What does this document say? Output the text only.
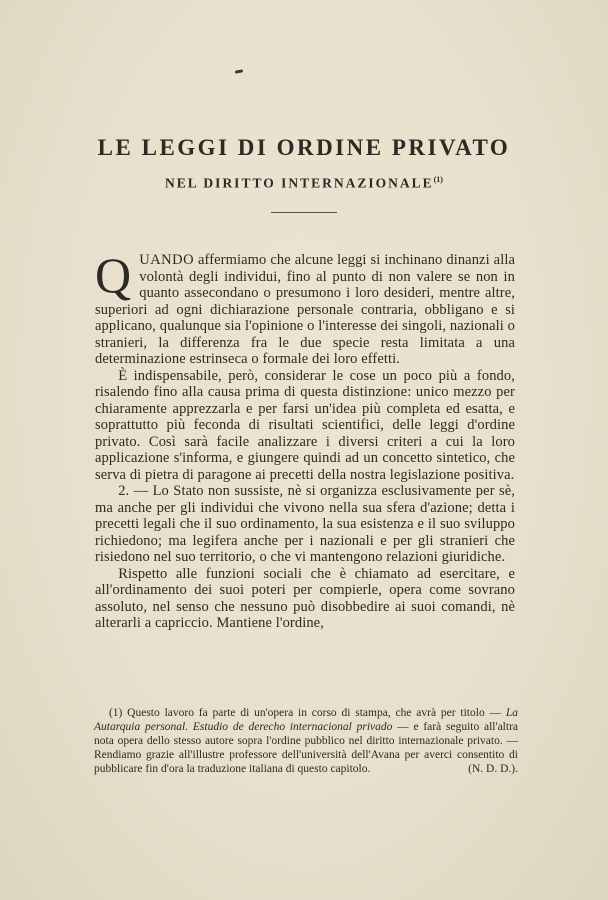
LE LEGGI DI ORDINE PRIVATO
NEL DIRITTO INTERNAZIONALE$^{(1)}$

QUANDO affermiamo che alcune leggi si inchinano dinanzi alla volontà degli individui, fino al punto di non valere se non in quanto assecondano o presumono i loro desideri, mentre altre, superiori ad ogni dichiarazione personale contraria, obbligano e si applicano, qualunque sia l'opinione o l'interesse dei singoli, nazionali o stranieri, la differenza fra le due specie resta limitata a una determinazione estrinseca o formale dei loro effetti.

È indispensabile, però, considerar le cose un poco più a fondo, risalendo fino alla causa prima di questa distinzione: unico mezzo per chiaramente apprezzarla e per farsi un'idea più completa ed esatta, e soprattutto più feconda di risultati scientifici, delle leggi d'ordine privato. Così sarà facile analizzare i diversi criteri a cui la loro applicazione s'informa, e giungere quindi ad un concetto sintetico, che serva di pietra di paragone ai precetti della nostra legislazione positiva.

2. — Lo Stato non sussiste, nè si organizza esclusivamente per sè, ma anche per gli individui che vivono nella sua sfera d'azione; detta i precetti legali che il suo ordinamento, la sua esistenza e il suo sviluppo richiedono; ma legifera anche per i nazionali e per gli stranieri che risiedono nel suo territorio, o che vi mantengono relazioni giuridiche.

Rispetto alle funzioni sociali che è chiamato ad esercitare, e all'ordinamento dei suoi poteri per compierle, opera come sovrano assoluto, nel senso che nessuno può disobbedire ai suoi comandi, nè alterarli a capriccio. Mantiene l'ordine,

(1) Questo lavoro fa parte di un'opera in corso di stampa, che avrà per titolo — La Autarquia personal. Estudio de derecho internacional privado — e farà seguito all'altra nota opera dello stesso autore sopra l'ordine pubblico nel diritto internazionale privato. — Rendiamo grazie all'illustre professore dell'università dell'Avana per averci consentito di pubblicare fin d'ora la traduzione italiana di questo capitolo.	(N. D. D.).
